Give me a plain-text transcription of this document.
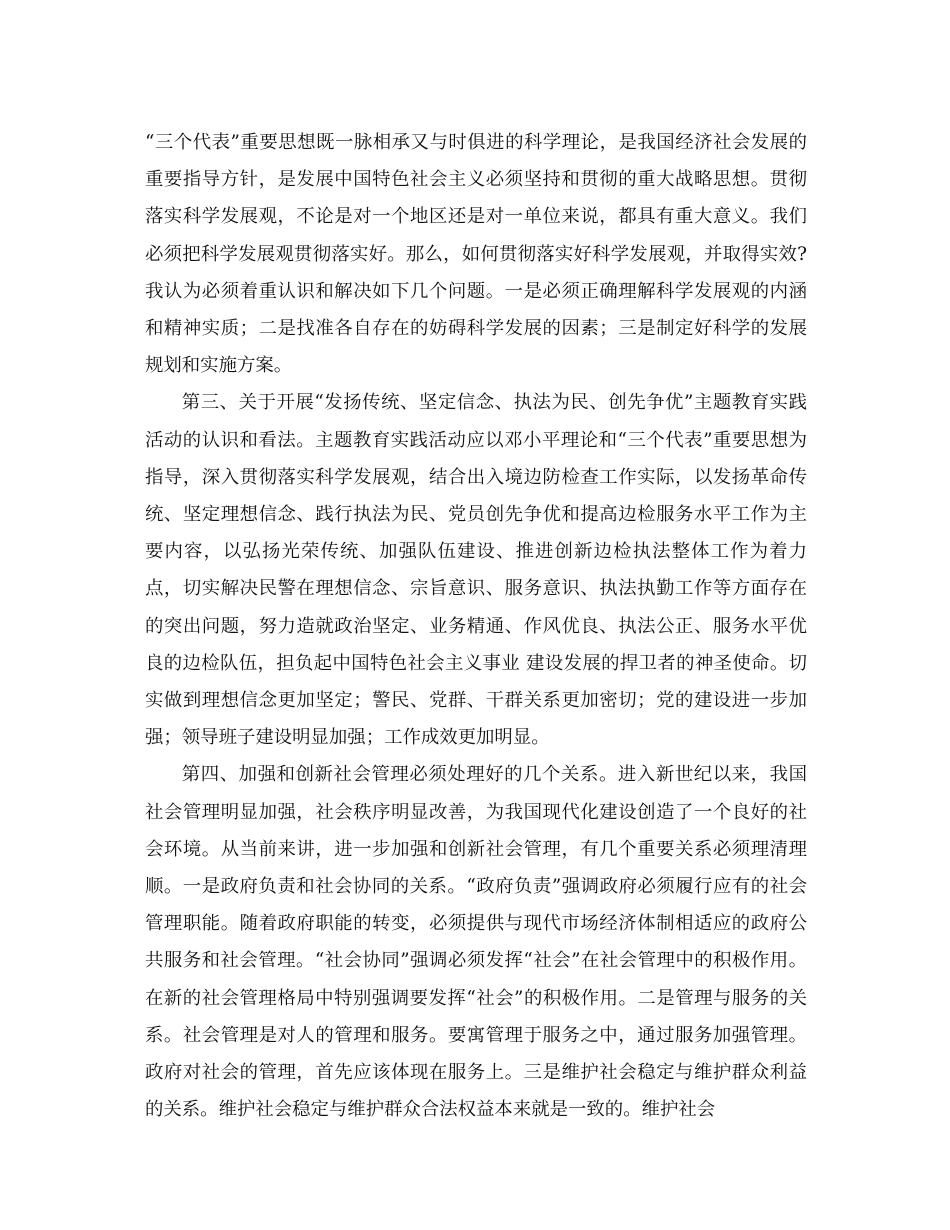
“三个代表”重要思想既一脉相承又与时俱进的科学理论，是我国经济社会发展的重要指导方针，是发展中国特色社会主义必须坚持和贯彻的重大战略思想。贯彻落实科学发展观，不论是对一个地区还是对一单位来说，都具有重大意义。我们必须把科学发展观贯彻落实好。那么，如何贯彻落实好科学发展观，并取得实效?我认为必须着重认识和解决如下几个问题。一是必须正确理解科学发展观的内涵和精神实质；二是找准各自存在的妨碍科学发展的因素；三是制定好科学的发展规划和实施方案。

第三、关于开展“发扬传统、坚定信念、执法为民、创先争优”主题教育实践活动的认识和看法。主题教育实践活动应以邓小平理论和“三个代表”重要思想为指导，深入贯彻落实科学发展观，结合出入境边防检查工作实际，以发扬革命传统、坚定理想信念、践行执法为民、党员创先争优和提高边检服务水平工作为主要内容，以弘扬光荣传统、加强队伍建设、推进创新边检执法整体工作为着力点，切实解决民警在理想信念、宗旨意识、服务意识、执法执勤工作等方面存在的突出问题，努力造就政治坚定、业务精通、作风优良、执法公正、服务水平优良的边检队伍，担负起中国特色社会主义事业 建设发展的捍卫者的神圣使命。切实做到理想信念更加坚定；警民、党群、干群关系更加密切；党的建设进一步加强；领导班子建设明显加强；工作成效更加明显。

第四、加强和创新社会管理必须处理好的几个关系。进入新世纪以来，我国社会管理明显加强，社会秩序明显改善，为我国现代化建设创造了一个良好的社会环境。从当前来讲，进一步加强和创新社会管理，有几个重要关系必须理清理顺。一是政府负责和社会协同的关系。“政府负责”强调政府必须履行应有的社会管理职能。随着政府职能的转变，必须提供与现代市场经济体制相适应的政府公共服务和社会管理。“社会协同”强调必须发挥“社会”在社会管理中的积极作用。在新的社会管理格局中特别强调要发挥“社会”的积极作用。二是管理与服务的关系。社会管理是对人的管理和服务。要寓管理于服务之中，通过服务加强管理。政府对社会的管理，首先应该体现在服务上。三是维护社会稳定与维护群众利益的关系。维护社会稳定与维护群众合法权益本来就是一致的。维护社会
